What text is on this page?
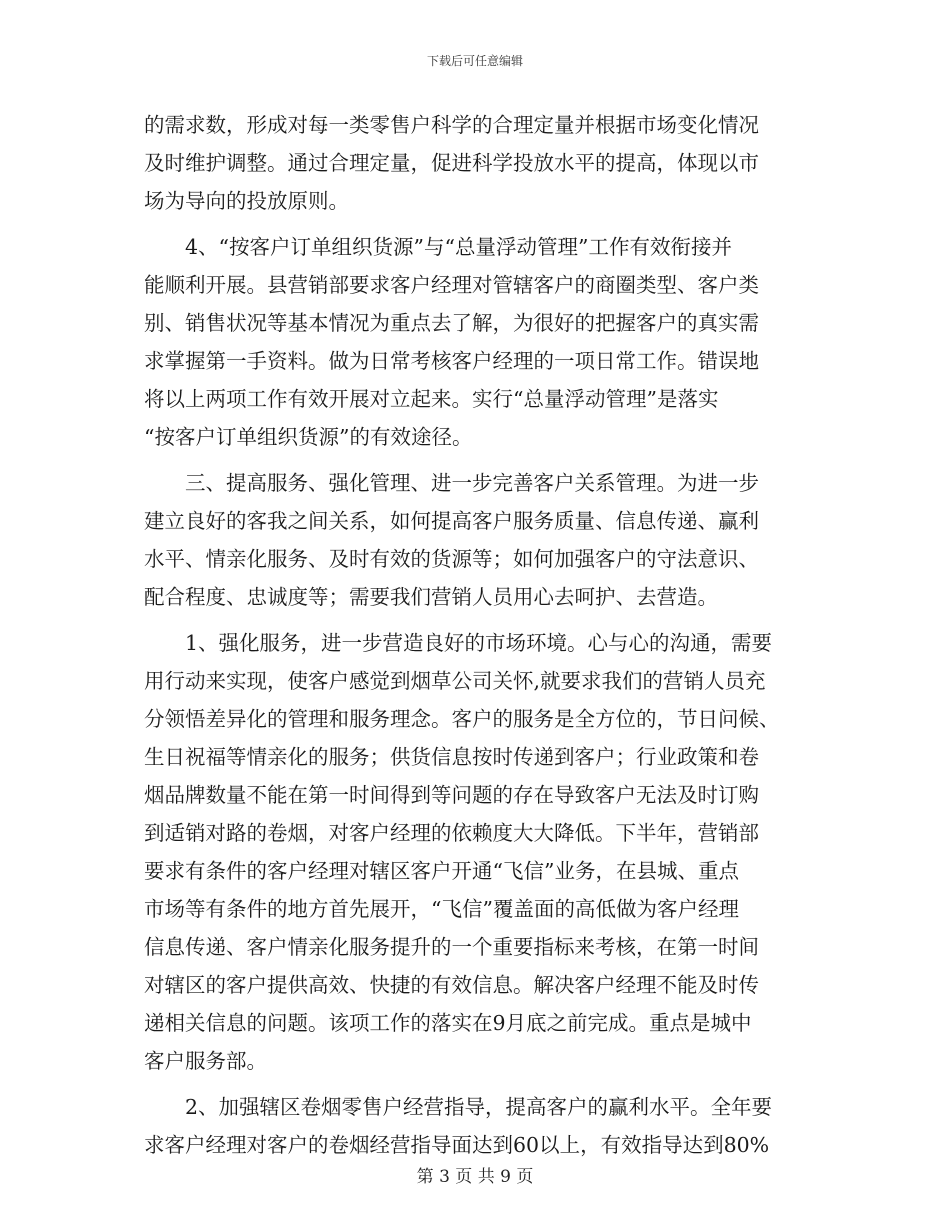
下载后可任意编辑
的需求数，形成对每一类零售户科学的合理定量并根据市场变化情况
及时维护调整。通过合理定量，促进科学投放水平的提高，体现以市
场为导向的投放原则。
　　4、“按客户订单组织货源”与“总量浮动管理”工作有效衔接并
能顺利开展。县营销部要求客户经理对管辖客户的商圈类型、客户类
别、销售状况等基本情况为重点去了解，为很好的把握客户的真实需
求掌握第一手资料。做为日常考核客户经理的一项日常工作。错误地
将以上两项工作有效开展对立起来。实行“总量浮动管理”是落实
“按客户订单组织货源”的有效途径。
　　三、提高服务、强化管理、进一步完善客户关系管理。为进一步
建立良好的客我之间关系，如何提高客户服务质量、信息传递、赢利
水平、情亲化服务、及时有效的货源等；如何加强客户的守法意识、
配合程度、忠诚度等；需要我们营销人员用心去呵护、去营造。
　　1、强化服务，进一步营造良好的市场环境。心与心的沟通，需要
用行动来实现，使客户感觉到烟草公司关怀,就要求我们的营销人员充
分领悟差异化的管理和服务理念。客户的服务是全方位的，节日问候、
生日祝福等情亲化的服务；供货信息按时传递到客户；行业政策和卷
烟品牌数量不能在第一时间得到等问题的存在导致客户无法及时订购
到适销对路的卷烟，对客户经理的依赖度大大降低。下半年，营销部
要求有条件的客户经理对辖区客户开通“飞信”业务，在县城、重点
市场等有条件的地方首先展开，“飞信”覆盖面的高低做为客户经理
信息传递、客户情亲化服务提升的一个重要指标来考核，在第一时间
对辖区的客户提供高效、快捷的有效信息。解决客户经理不能及时传
递相关信息的问题。该项工作的落实在9月底之前完成。重点是城中
客户服务部。
　　2、加强辖区卷烟零售户经营指导，提高客户的赢利水平。全年要
求客户经理对客户的卷烟经营指导面达到60以上，有效指导达到80%
第 3 页 共 9 页
